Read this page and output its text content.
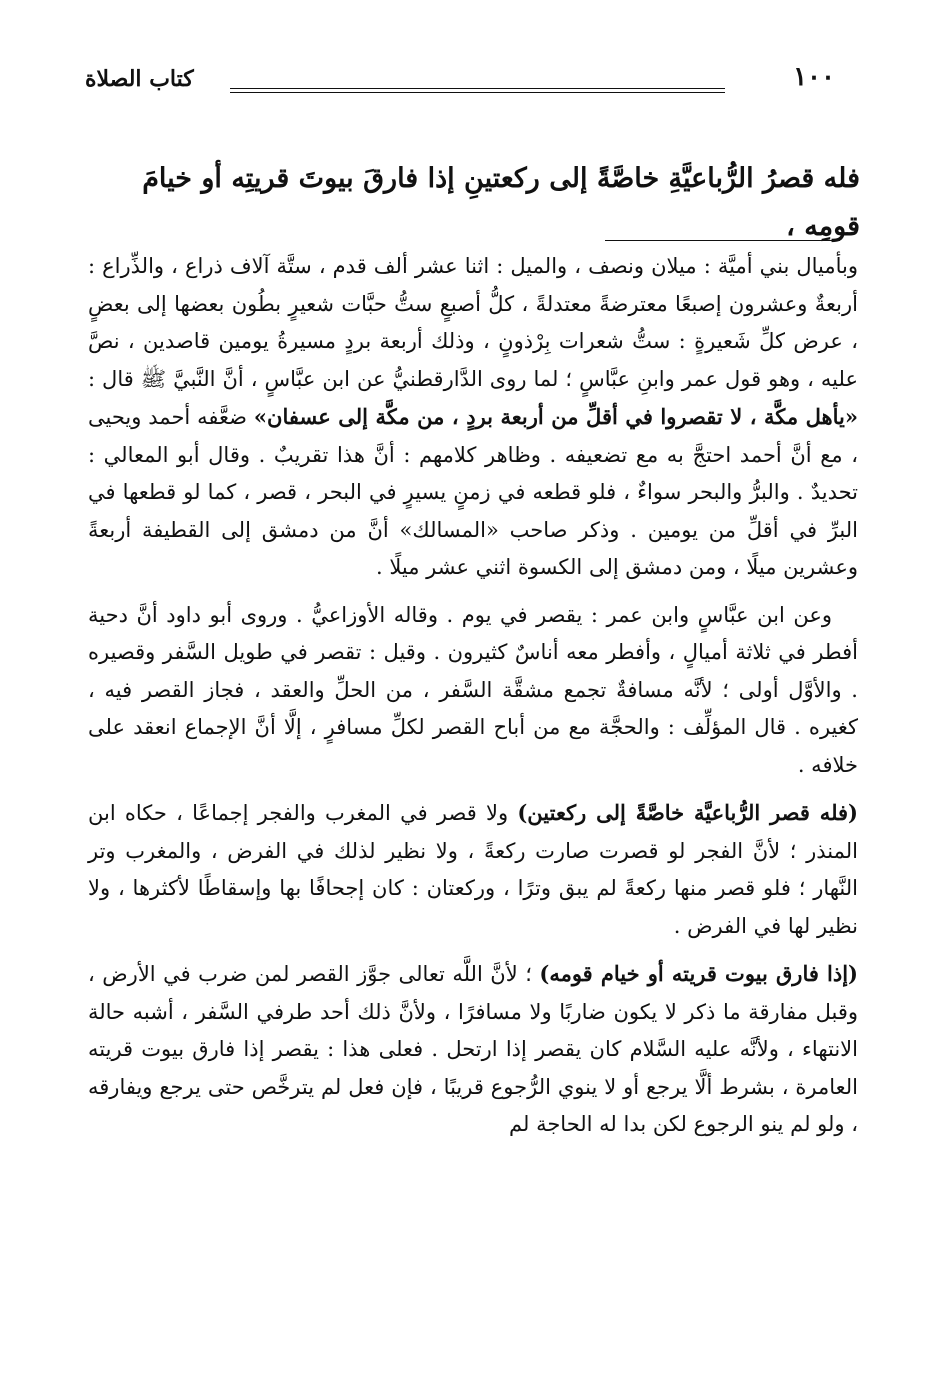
كتاب الصلاة	١٠٠
فله قصرُ الرُّباعيَّةِ خاصَّةً إلى ركعتينِ إذا فارقَ بيوتَ قريتِه أو خيامَ قومِه ،

وبأميال بني أميَّة : ميلان ونصف ، والميل : اثنا عشر ألف قدم ، ستَّة آلاف ذراع ، والذِّراع : أربعةٌ وعشرون إصبعًا معترضةً معتدلةً ، كلُّ أصبعٍ ستُّ حبَّات شعيرٍ بطُون بعضها إلى بعضٍ ، عرض كلِّ شَعيرةٍ : ستُّ شعرات بِرْذونٍ ، وذلك أربعة بردٍ مسيرةُ يومين قاصدين ، نصَّ عليه ، وهو قول عمر وابنِ عبَّاسٍ ؛ لما روى الدَّارقطنيُّ عن ابن عبَّاسٍ ، أنَّ النَّبيَّ ﷺ قال : «يأهل مكَّة ، لا تقصروا في أقلِّ من أربعة بردٍ ، من مكَّة إلى عسفان» ضعَّفه أحمد ويحيى ، مع أنَّ أحمد احتجَّ به مع تضعيفه . وظاهر كلامهم : أنَّ هذا تقريبٌ . وقال أبو المعالي : تحديدٌ . والبرُّ والبحر سواءٌ ، فلو قطعه في زمنٍ يسيرٍ في البحر ، قصر ، كما لو قطعها في البرِّ في أقلِّ من يومين . وذكر صاحب «المسالك» أنَّ من دمشق إلى القطيفة أربعةً وعشرين ميلًا ، ومن دمشق إلى الكسوة اثني عشر ميلًا .

وعن ابن عبَّاسٍ وابن عمر : يقصر في يوم . وقاله الأوزاعيُّ . وروى أبو داود أنَّ دحية أفطر في ثلاثة أميالٍ ، وأفطر معه أناسٌ كثيرون . وقيل : تقصر في طويل السَّفر وقصيره . والأوَّل أولى ؛ لأنَّه مسافةٌ تجمع مشقَّة السَّفر ، من الحلِّ والعقد ، فجاز القصر فيه ، كغيره . قال المؤلِّف : والحجَّة مع من أباح القصر لكلِّ مسافرٍ ، إلَّا أنَّ الإجماع انعقد على خلافه .

(فله قصر الرُّباعيَّة خاصَّةً إلى ركعتين) ولا قصر في المغرب والفجر إجماعًا ، حكاه ابن المنذر ؛ لأنَّ الفجر لو قصرت صارت ركعةً ، ولا نظير لذلك في الفرض ، والمغرب وتر النَّهار ؛ فلو قصر منها ركعةً لم يبق وترًا ، وركعتان : كان إجحافًا بها وإسقاطًا لأكثرها ، ولا نظير لها في الفرض .

(إذا فارق بيوت قريته أو خيام قومه) ؛ لأنَّ اللَّه تعالى جوَّز القصر لمن ضرب في الأرض ، وقبل مفارقة ما ذكر لا يكون ضاربًا ولا مسافرًا ، ولأنَّ ذلك أحد طرفي السَّفر ، أشبه حالة الانتهاء ، ولأنَّه عليه السَّلام كان يقصر إذا ارتحل . فعلى هذا : يقصر إذا فارق بيوت قريته العامرة ، بشرط ألَّا يرجع أو لا ينوي الرُّجوع قريبًا ، فإن فعل لم يترخَّص حتى يرجع ويفارقه ، ولو لم ينو الرجوع لكن بدا له الحاجة لم
